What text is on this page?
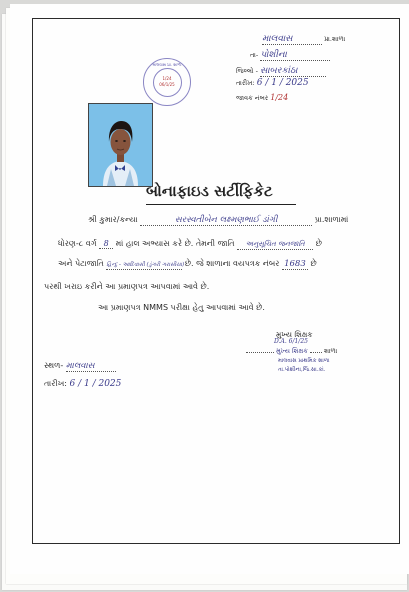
માલવાસ	પ્રા.શાળા
તા- પોશીના
જિલ્લો - સાબરકાંઠા
તારીખ: 6 / 1 / 2025
જાવક નંબર 1/24
માલવાસ પ્રા. શાળા
1/24
06/1/25
બોનાફાઇડ સર્ટીફિકેટ
શ્રી કુમાર/કન્યા	સરસ્વતીબેન લક્ષ્મણભાઈ ડાંગી	પ્રા.શાળામાં
ધોરણ-૮ વર્ગ 8 માં હાલ અભ્યાસ કરે છે. તેમની જાતિ અનુસૂચિત જનજાતિ છે
અને પેટાજાતિ હિન્દુ - આદિવાસી (ડુંગરી ગરાસીયા) છે. જે શાળાના વયપત્રક નંબર 1683 છે
પરથી ખરાઇ કરીને આ પ્રમાણપત્ર આપવામાં આવે છે.
આ પ્રમાણપત્ર NMMS પરીક્ષા હેતુ આપવામાં આવે છે.
મુખ્ય શિક્ષક
D.A. 6/1/25
મુખ્ય શિક્ષક શાળા
માલવાસ પ્રાથમિક શાળા
તા.પોશીના,જિ.સા.કાં.
સ્થળ- માલવાસ
તારીખ: 6 / 1 / 2025
